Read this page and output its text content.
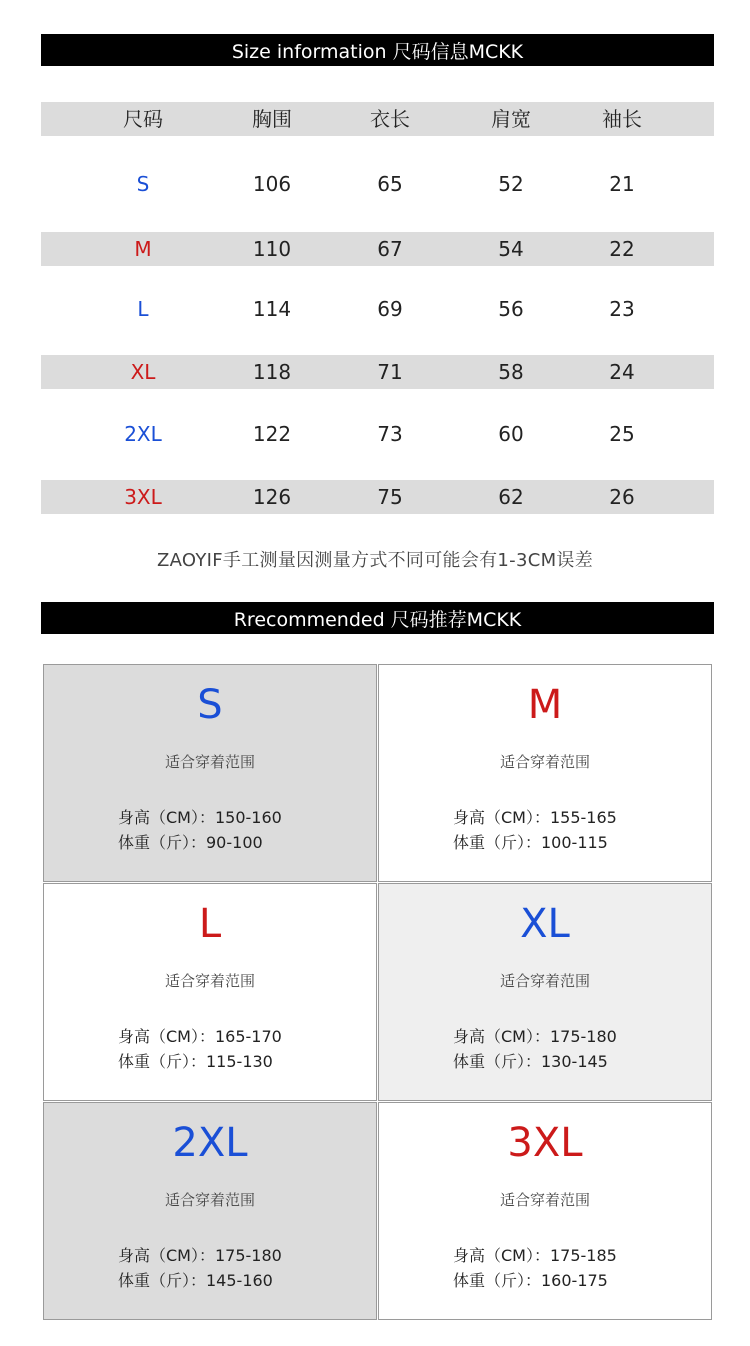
Size information 尺码信息MCKK
尺码	胸围	衣长	肩宽	袖长
S	106	65	52	21
M	110	67	54	22
L	114	69	56	23
XL	118	71	58	24
2XL	122	73	60	25
3XL	126	75	62	26
ZAOYIF手工测量因测量方式不同可能会有1-3CM误差
Rrecommended 尺码推荐MCKK
S
适合穿着范围
身高（CM）：150-160
体重（斤）：90-100
M
适合穿着范围
身高（CM）：155-165
体重（斤）：100-115
L
适合穿着范围
身高（CM）：165-170
体重（斤）：115-130
XL
适合穿着范围
身高（CM）：175-180
体重（斤）：130-145
2XL
适合穿着范围
身高（CM）：175-180
体重（斤）：145-160
3XL
适合穿着范围
身高（CM）：175-185
体重（斤）：160-175
